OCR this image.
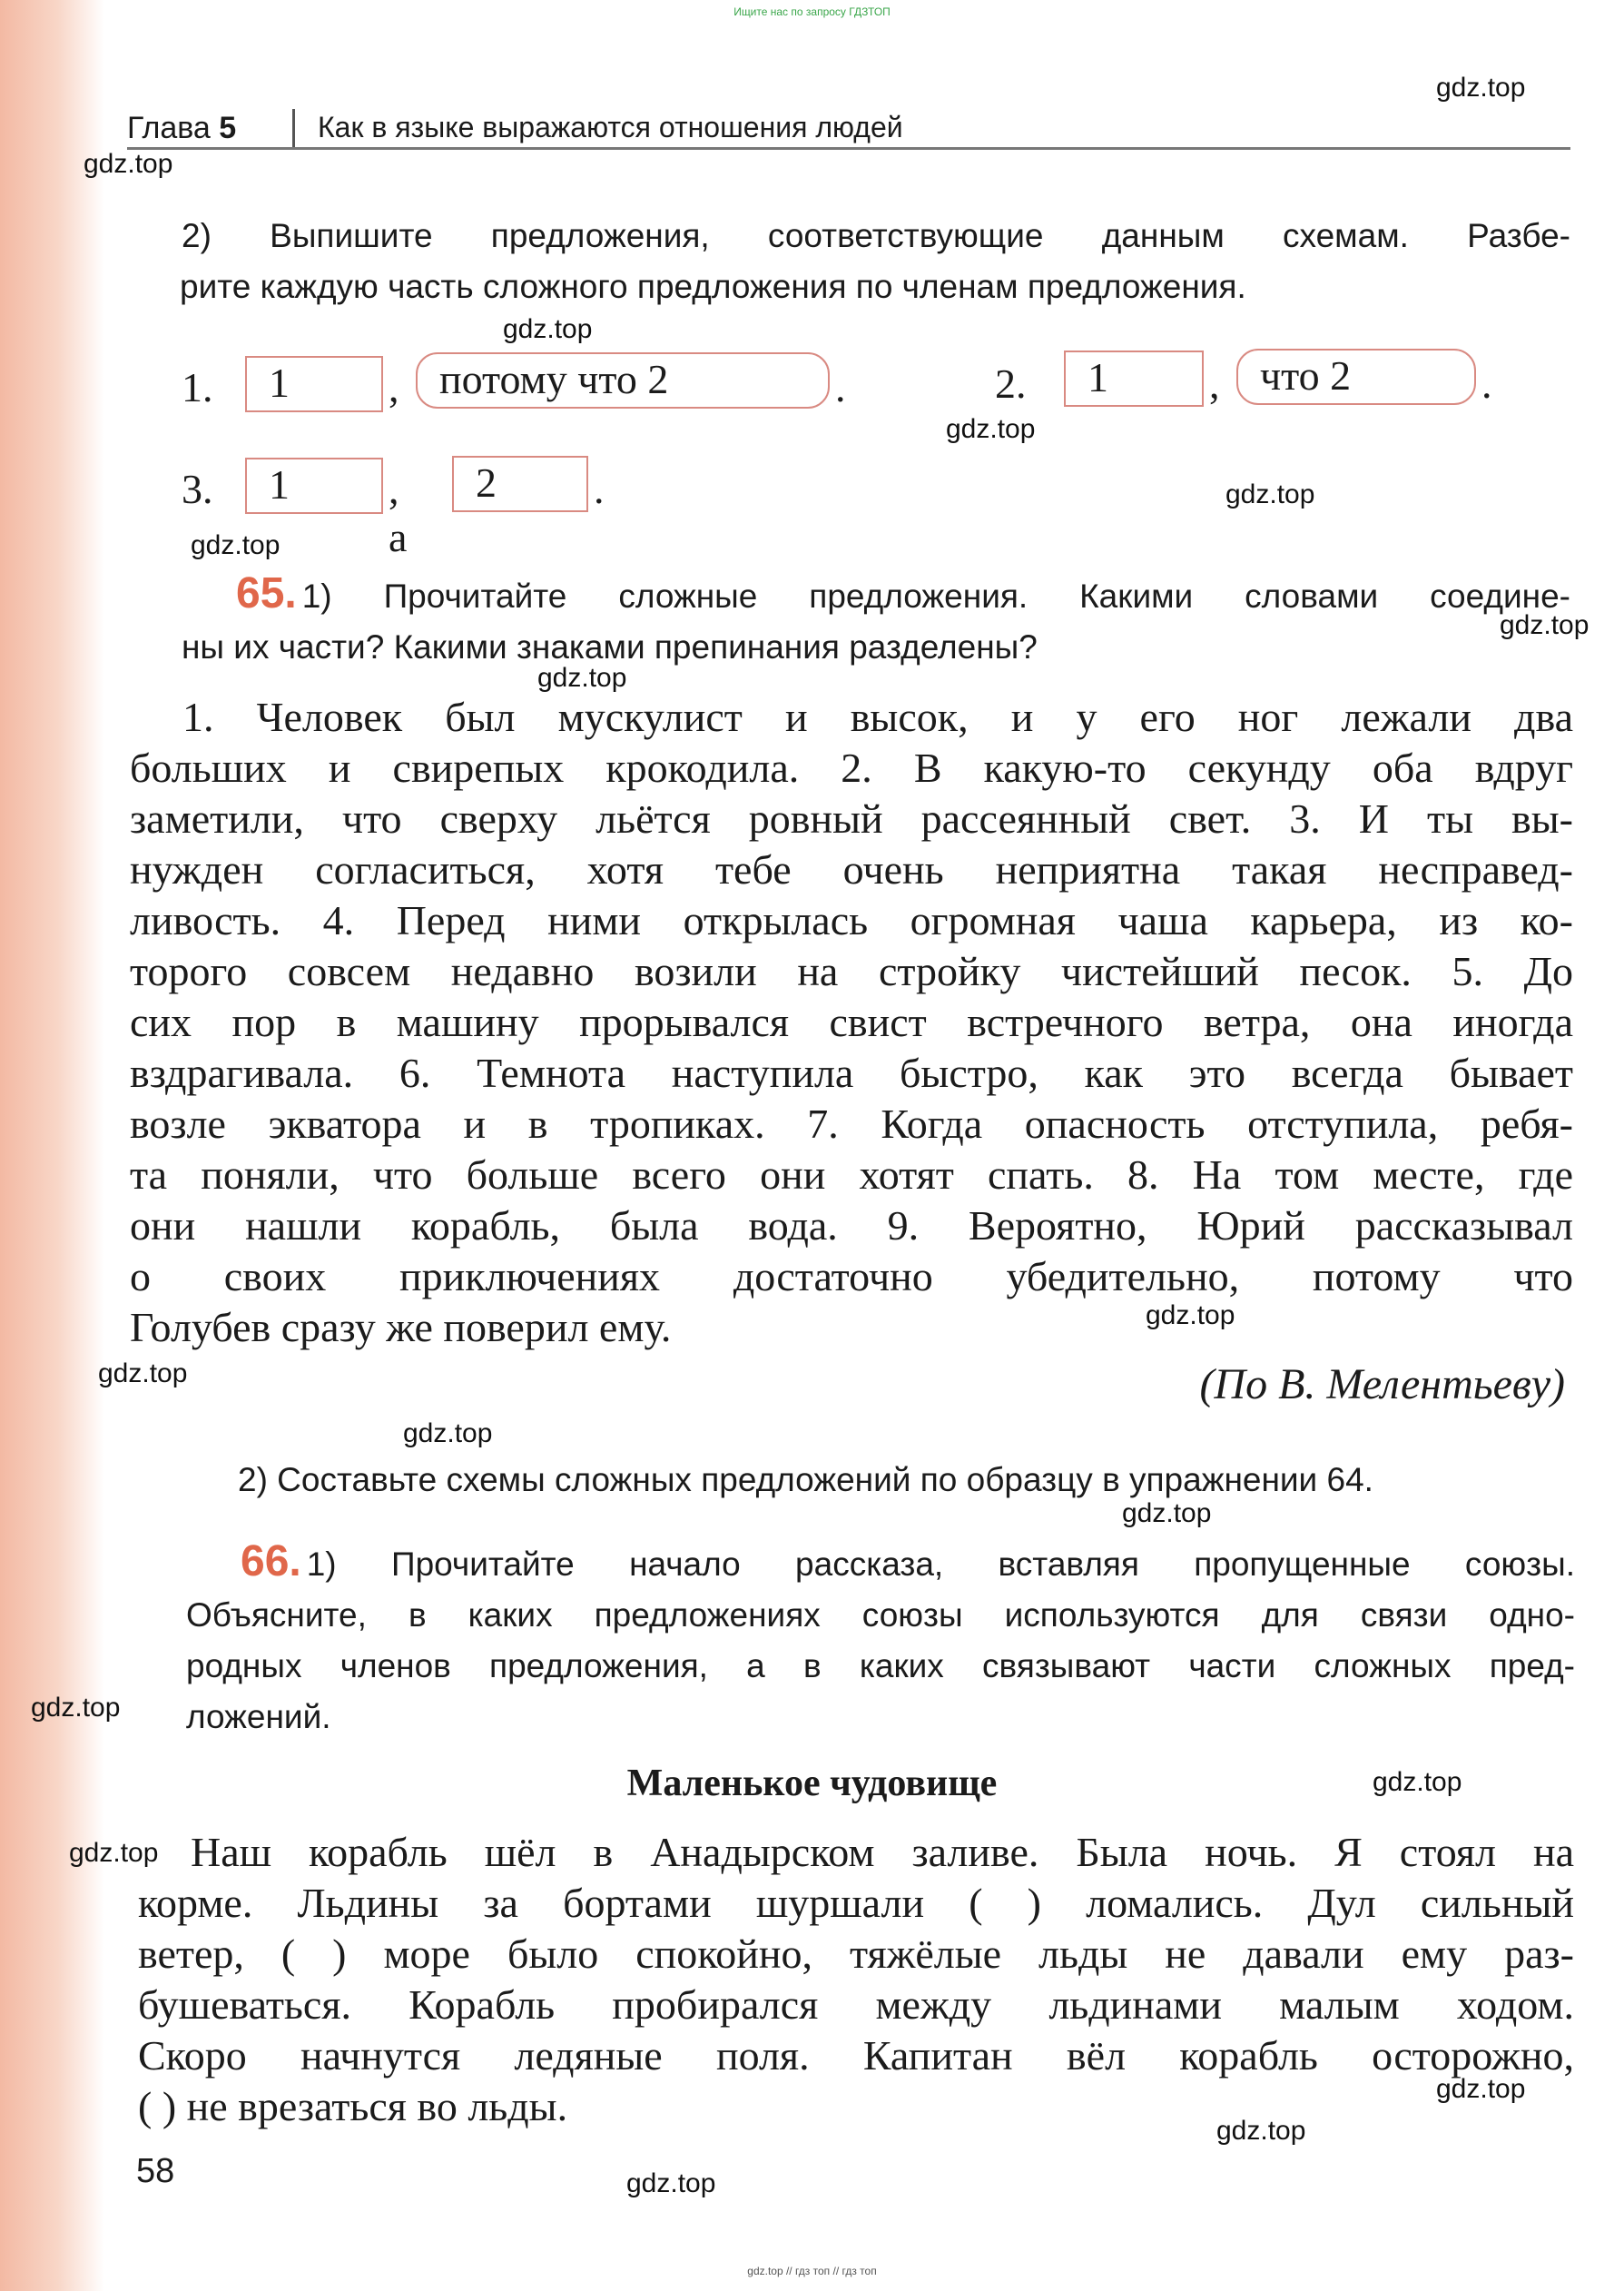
Ищите нас по запросу ГДЗТОП
Глава 5	Как в языке выражаются отношения людей

2) Выпишите предложения, соответствующие данным схемам. Разбе-

рите каждую часть сложного предложения по членам предложения.

1.	1	, потому что 2	.	2.	1	, что 2	.
3.	1	, а
2	.

65. 1) Прочитайте сложные предложения. Какими словами соедине-

ны их части? Какими знаками препинания разделены?

1. Человек был мускулист и высок, и у его ног лежали два

больших и свирепых крокодила. 2. В какую-то секунду оба вдруг

заметили, что сверху льётся ровный рассеянный свет. 3. И ты вы-

нужден согласиться, хотя тебе очень неприятна такая несправед-

ливость. 4. Перед ними открылась огромная чаша карьера, из ко-

торого совсем недавно возили на стройку чистейший песок. 5. До

сих пор в машину прорывался свист встречного ветра, она иногда

вздрагивала. 6. Темнота наступила быстро, как это всегда бывает

возле экватора и в тропиках. 7. Когда опасность отступила, ребя-

та поняли, что больше всего они хотят спать. 8. На том месте, где

они нашли корабль, была вода. 9. Вероятно, Юрий рассказывал

о своих приключениях достаточно убедительно, потому что

Голубев сразу же поверил ему.

(По В. Мелентьеву)
2) Составьте схемы сложных предложений по образцу в упражнении 64.

66. 1) Прочитайте начало рассказа, вставляя пропущенные союзы.

Объясните, в каких предложениях союзы используются для связи одно-

родных членов предложения, а в каких связывают части сложных пред-

ложений.

Маленькое чудовище

Наш корабль шёл в Анадырском заливе. Была ночь. Я стоял на

корме. Льдины за бортами шуршали ( ) ломались. Дул сильный

ветер, ( ) море было спокойно, тяжёлые льды не давали ему раз-

бушеваться. Корабль пробирался между льдинами малым ходом.

Скоро начнутся ледяные поля. Капитан вёл корабль осторожно,

( ) не врезаться во льды.

58
gdz.top
gdz.top
gdz.top
gdz.top
gdz.top
gdz.top
gdz.top
gdz.top
gdz.top
gdz.top
gdz.top
gdz.top
gdz.top
gdz.top
gdz.top
gdz.top
gdz.top
gdz.top
gdz.top // гдз топ // гдз топ
